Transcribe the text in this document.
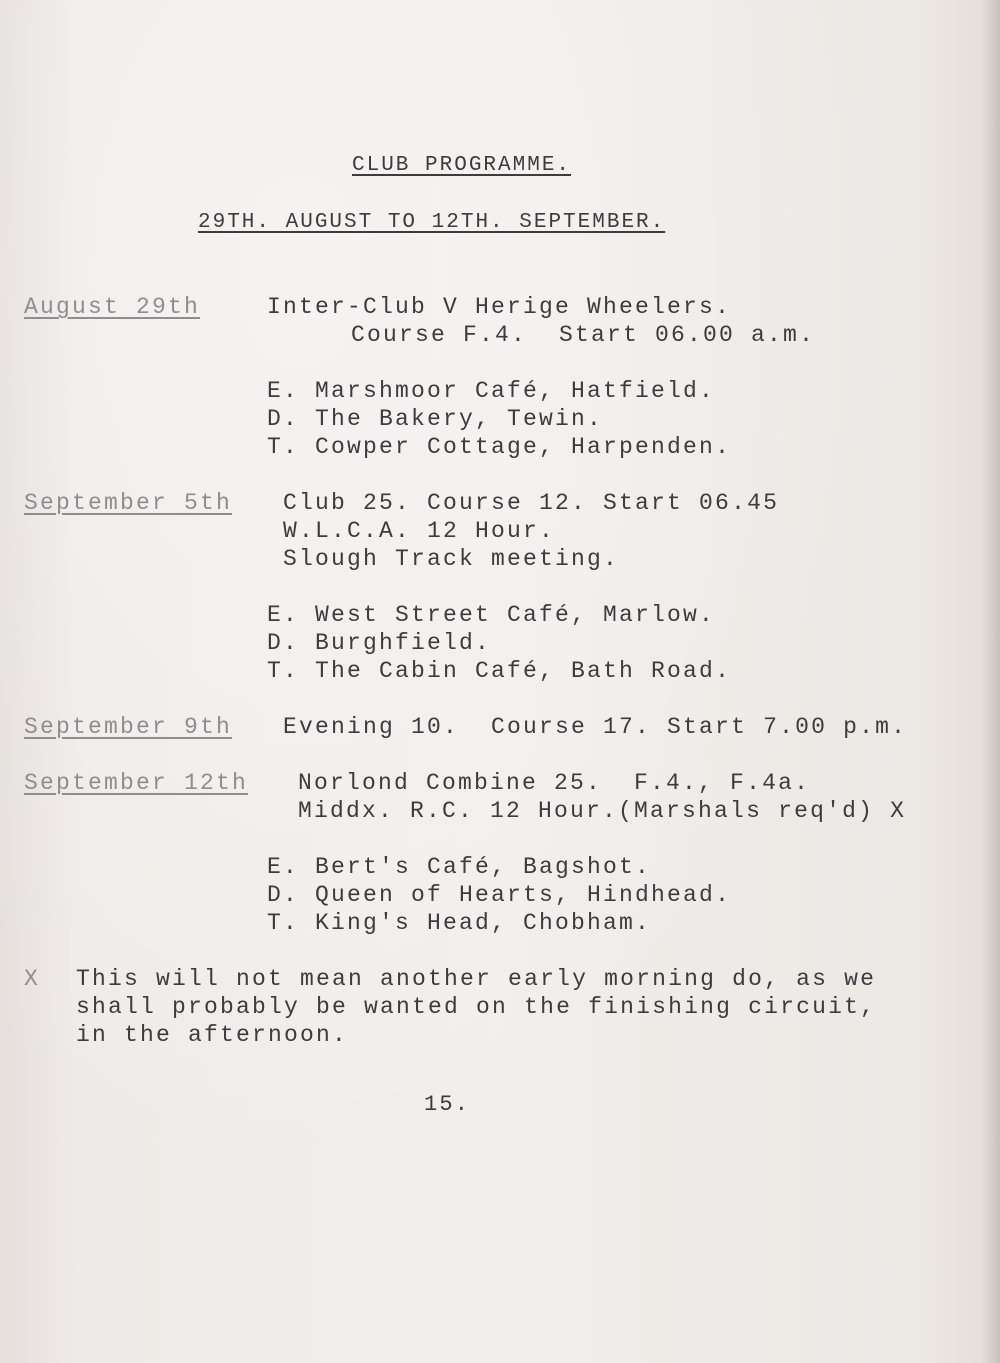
CLUB PROGRAMME.
29TH. AUGUST TO 12TH. SEPTEMBER.
August 29th	Inter-Club V Herige Wheelers.
Course F.4.  Start 06.00 a.m.
E. Marshmoor Café, Hatfield.
D. The Bakery, Tewin.
T. Cowper Cottage, Harpenden.
September 5th Club 25. Course 12. Start 06.45
W.L.C.A. 12 Hour.
Slough Track meeting.
E. West Street Café, Marlow.
D. Burghfield.
T. The Cabin Café, Bath Road.
September 9th Evening 10.  Course 17. Start 7.00 p.m.
September 12th Norlond Combine 25.  F.4., F.4a.
Middx. R.C. 12 Hour.(Marshals req'd) X
E. Bert's Café, Bagshot.
D. Queen of Hearts, Hindhead.
T. King's Head, Chobham.
X This will not mean another early morning do, as we
shall probably be wanted on the finishing circuit,
in the afternoon.
15.
